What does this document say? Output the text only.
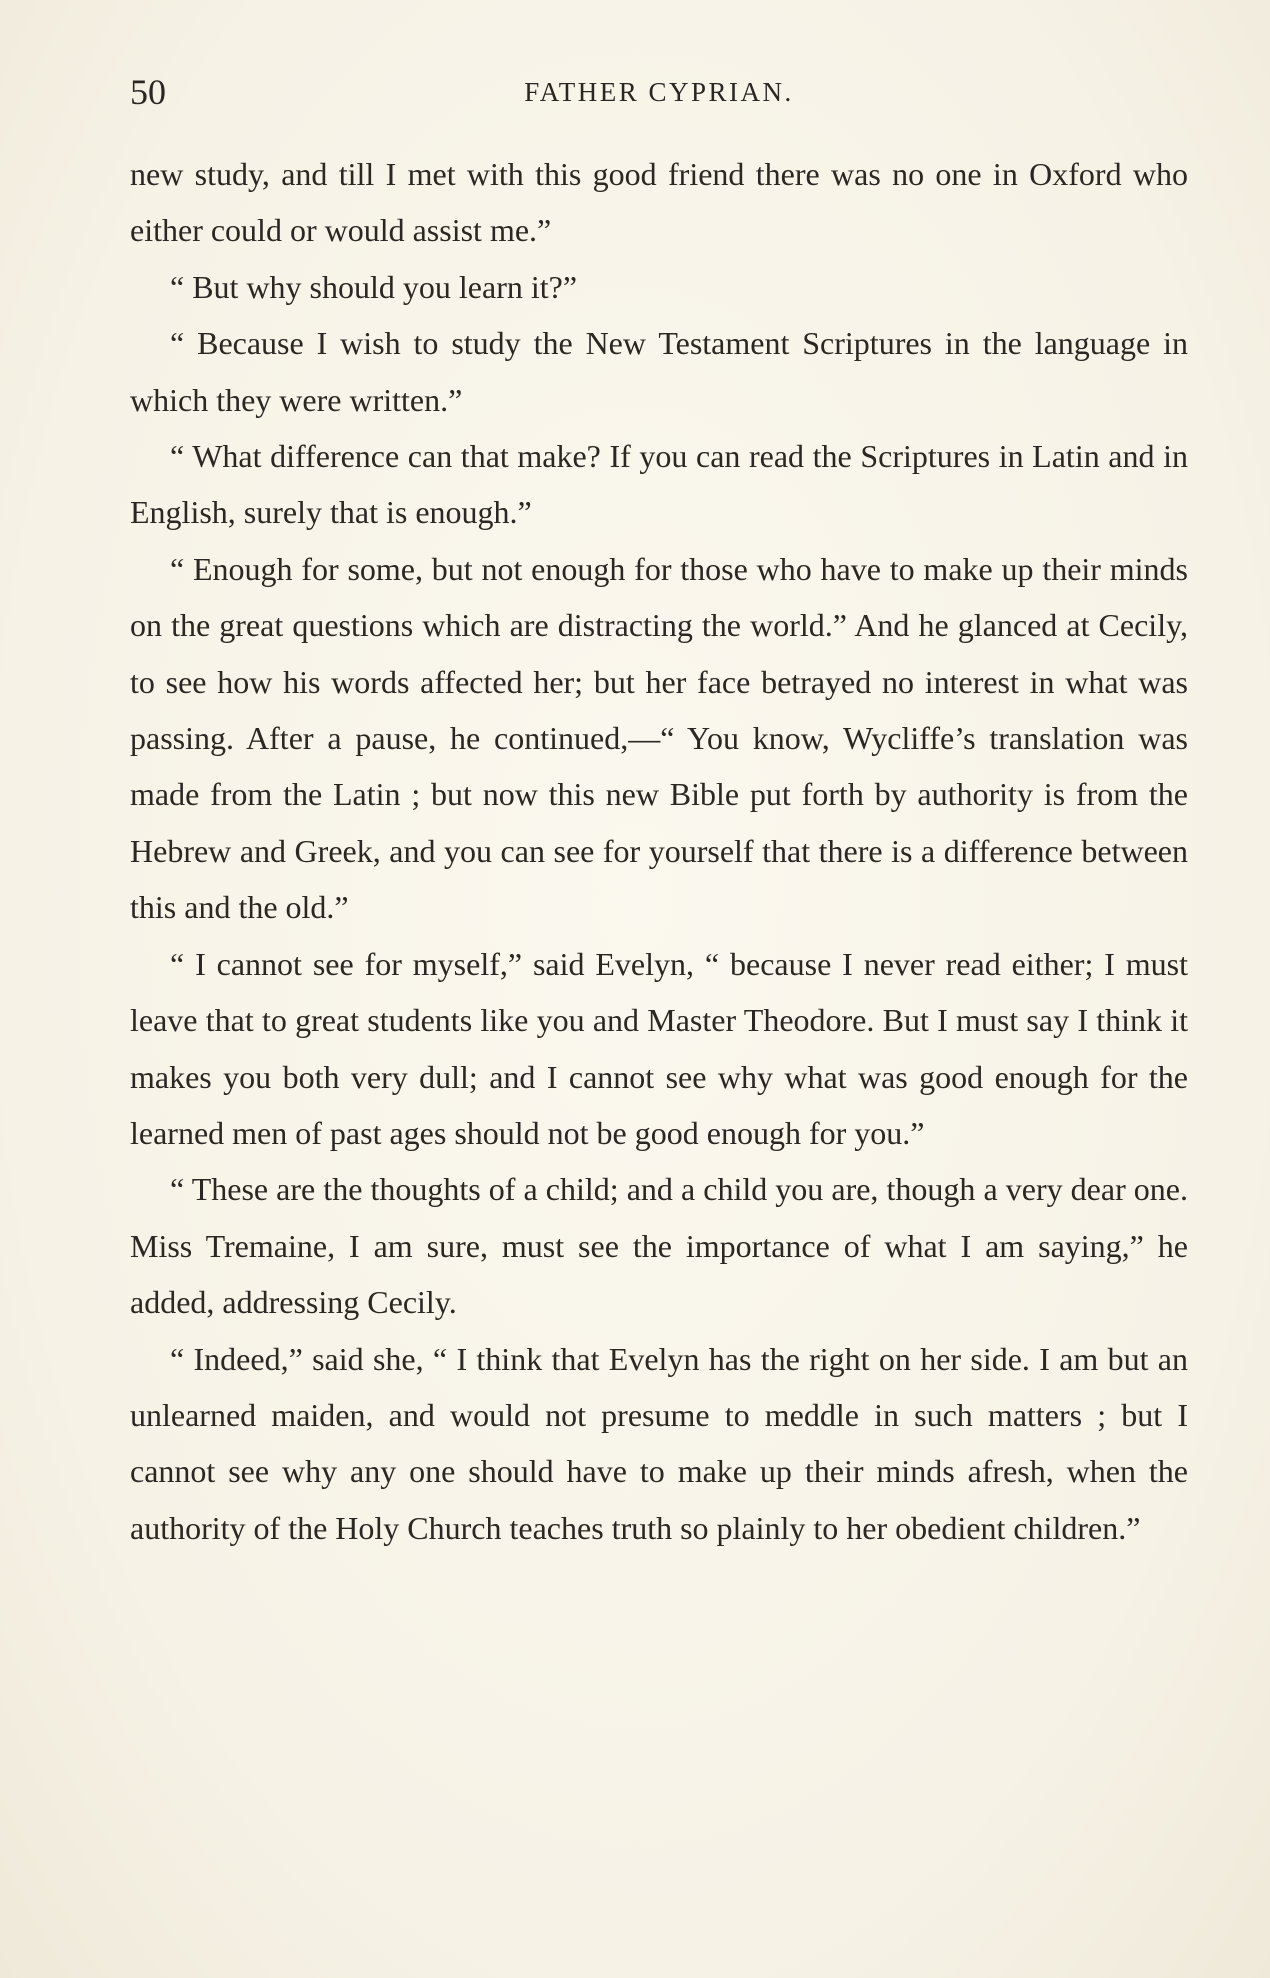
50	FATHER CYPRIAN.

new study, and till I met with this good friend there was no one in Oxford who either could or would assist me.”

“ But why should you learn it?”

“ Because I wish to study the New Testament Scriptures in the language in which they were written.”

“ What difference can that make? If you can read the Scriptures in Latin and in English, surely that is enough.”

“ Enough for some, but not enough for those who have to make up their minds on the great questions which are distracting the world.” And he glanced at Cecily, to see how his words affected her; but her face betrayed no interest in what was passing. After a pause, he continued,—“ You know, Wycliffe’s translation was made from the Latin ; but now this new Bible put forth by authority is from the Hebrew and Greek, and you can see for yourself that there is a difference between this and the old.”

“ I cannot see for myself,” said Evelyn, “ because I never read either; I must leave that to great students like you and Master Theodore. But I must say I think it makes you both very dull; and I cannot see why what was good enough for the learned men of past ages should not be good enough for you.”

“ These are the thoughts of a child; and a child you are, though a very dear one. Miss Tremaine, I am sure, must see the importance of what I am saying,” he added, addressing Cecily.

“ Indeed,” said she, “ I think that Evelyn has the right on her side. I am but an unlearned maiden, and would not presume to meddle in such matters ; but I cannot see why any one should have to make up their minds afresh, when the authority of the Holy Church teaches truth so plainly to her obedient children.”
